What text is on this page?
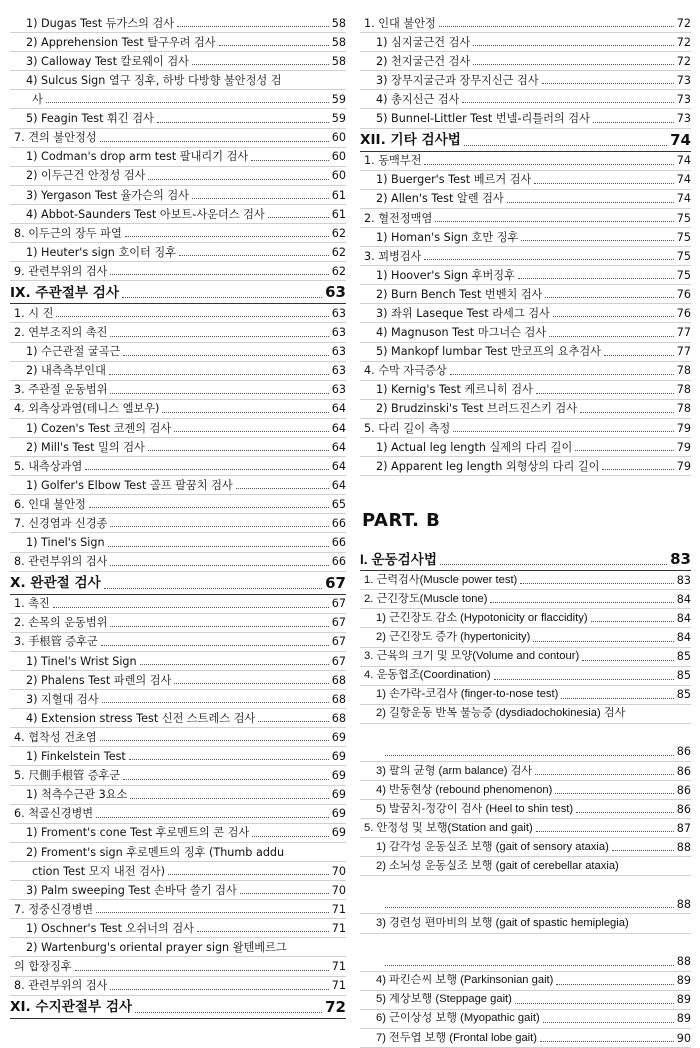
1) Dugas Test 듀가스의 검사	58
2) Apprehension Test 탈구우려 검사	58
3) Calloway Test 칼로웨이 검사	58
4) Sulcus Sign 열구 징후, 하방 다방향 불안정성 검
사	59
5) Feagin Test 휘긴 검사	59
7. 견의 불안정성	60
1) Codman's drop arm test 팔내리기 검사	60
2) 이두근건 안정성 검사	60
3) Yergason Test 율가슨의 검사	61
4) Abbot-Saunders Test 아보트-사운더스 검사	61
8. 이두근의 장두 파열	62
1) Heuter's sign 호이터 징후	62
9. 관련부위의 검사	62
IX. 주관절부 검사	63
1. 시 진	63
2. 연부조직의 촉진	63
1) 수근관절 굴곡근	63
2) 내측측부인대	63
3. 주관절 운동범위	63
4. 외측상과염(테니스 엘보우)	64
1) Cozen's Test 코젠의 검사	64
2) Mill's Test 밀의 검사	64
5. 내측상과염	64
1) Golfer's Elbow Test 골프 팔꿈치 검사	64
6. 인대 불안정	65
7. 신경염과 신경종	66
1) Tinel's Sign	66
8. 관련부위의 검사	66
X. 완관절 검사	67
1. 촉진	67
2. 손목의 운동범위	67
3. 手根管 증후군	67
1) Tinel's Wrist Sign	67
2) Phalens Test 파렌의 검사	68
3) 지혈대 검사	68
4) Extension stress Test 신전 스트레스 검사	68
4. 협착성 건초염	69
1) Finkelstein Test	69
5. 尺側手根管 증후군	69
1) 척측수근관 3요소	69
6. 척골신경병변	69
1) Froment's cone Test 후로멘트의 콘 검사	69
2) Froment's sign 후로멘트의 징후 (Thumb addu
ction Test 모지 내전 검사)	70
3) Palm sweeping Test 손바닥 쓸기 검사	70
7. 정중신경병변	71
1) Oschner's Test 오쉬너의 검사	71
2) Wartenburg's oriental prayer sign 왈텐베르그
의 합장징후	71
8. 관련부위의 검사	71
XI. 수지관절부 검사	72
1. 인대 불안정	72
1) 심지굴근건 검사	72
2) 천지굴근건 검사	72
3) 장무지굴근과 장무지신근 검사	73
4) 총지신근 검사	73
5) Bunnel-Littler Test 번넬-리틀러의 검사	73
XII. 기타 검사법	74
1. 동맥부전	74
1) Buerger's Test 베르거 검사	74
2) Allen's Test 알렌 검사	74
2. 혈전정맥염	75
1) Homan's Sign 호만 징후	75
3. 꾀병검사	75
1) Hoover's Sign 후버징후	75
2) Burn Bench Test 번벤치 검사	76
3) 좌위 Laseque Test 라세그 검사	76
4) Magnuson Test 마그너슨 검사	77
5) Mankopf lumbar Test 만코프의 요추검사	77
4. 수막 자극증상	78
1) Kernig's Test 케르니히 검사	78
2) Brudzinski's Test 브러드진스키 검사	78
5. 다리 길이 측정	79
1) Actual leg length 실제의 다리 길이	79
2) Apparent leg length 외형상의 다리 길이	79
PART. B
I. 운동검사법	83
1. 근력검사(Muscle power test)	83
2. 근긴장도(Muscle tone)	84
1) 근긴장도 감소 (Hypotonicity or flaccidity)	84
2) 근긴장도 증가 (hypertonicity)	84
3. 근육의 크기 및 모양(Volume and contour)	85
4. 운동협조(Coordination)	85
1) 손가락-코검사 (finger-to-nose test)	85
2) 길항운동 반복 불능증 (dysdiadochokinesia) 검사
86
3) 팔의 균형 (arm balance) 검사	86
4) 반동현상 (rebound phenomenon)	86
5) 발꿈치-정강이 검사 (Heel to shin test)	86
5. 안정성 및 보행(Station and gait)	87
1) 감각성 운동실조 보행 (gait of sensory ataxia)	88
2) 소뇌성 운동실조 보행 (gait of cerebellar ataxia)
88
3) 경련성 편마비의 보행 (gait of spastic hemiplegia)
88
4) 파킨슨씨 보행 (Parkinsonian gait)	89
5) 계상보행 (Steppage gait)	89
6) 근이상성 보행 (Myopathic gait)	89
7) 전두엽 보행 (Frontal lobe gait)	90
